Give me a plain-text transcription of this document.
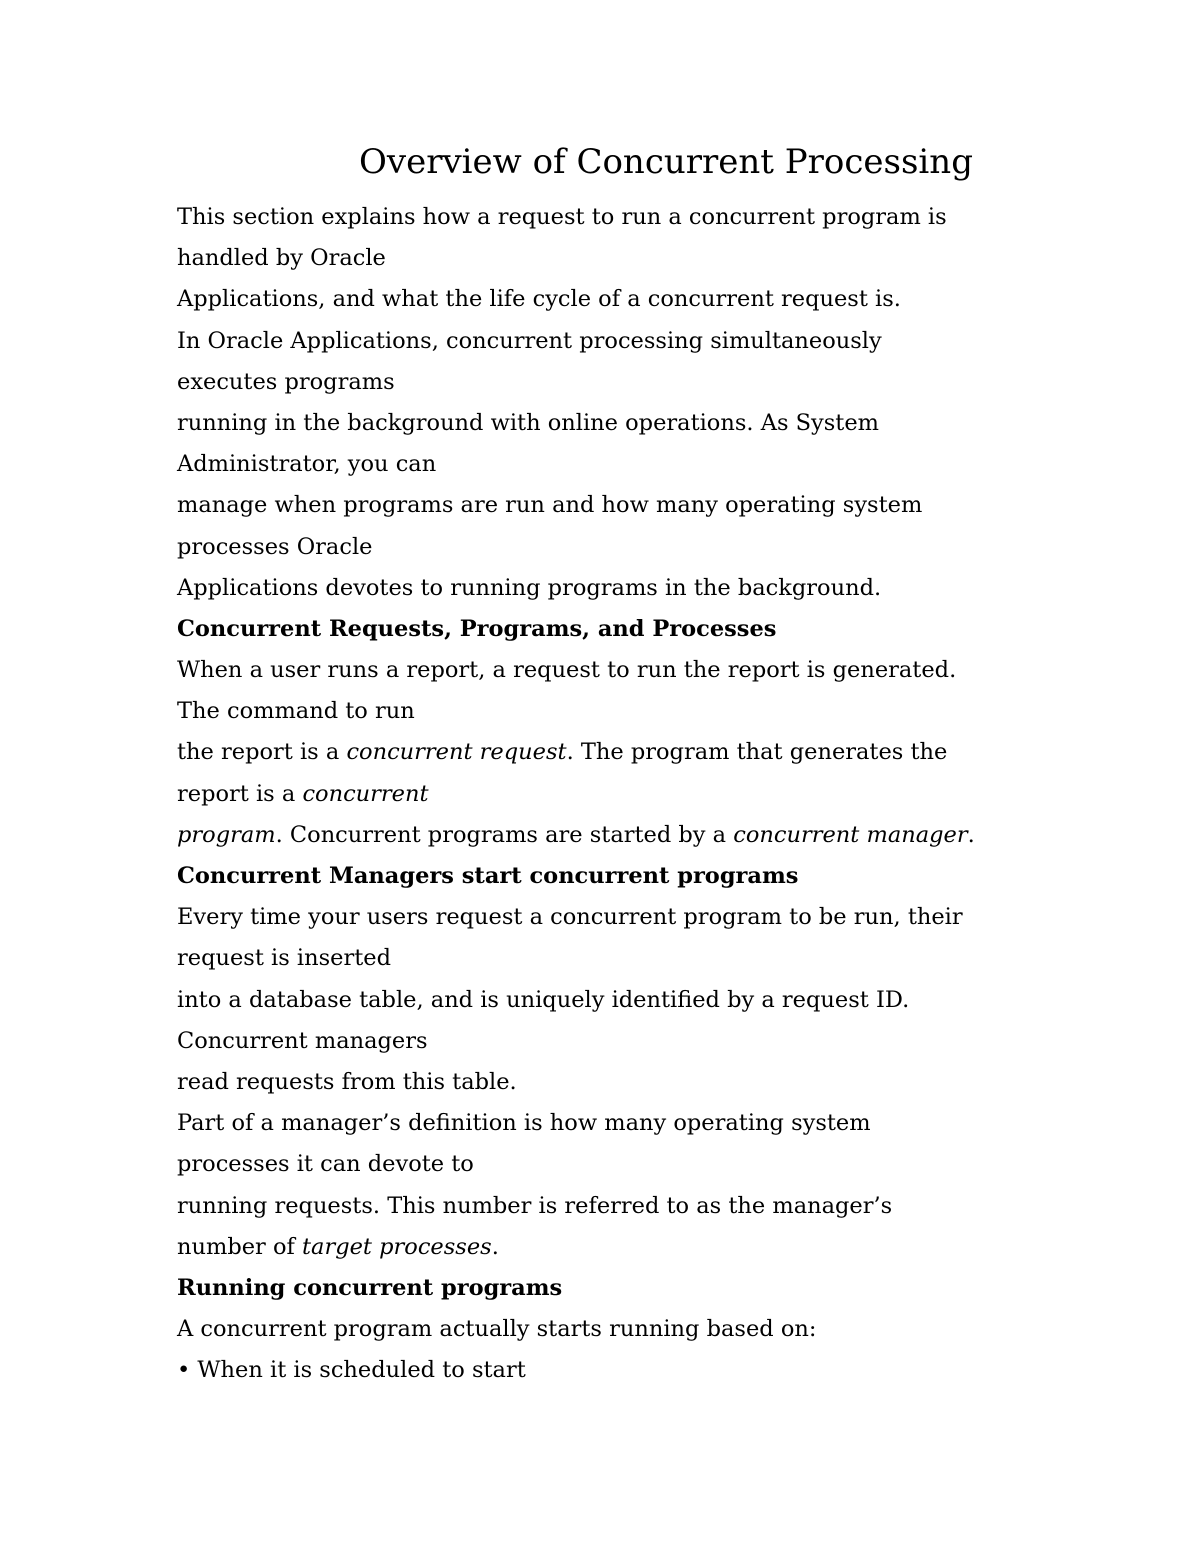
Overview of Concurrent Processing
This section explains how a request to run a concurrent program is
handled by Oracle
Applications, and what the life cycle of a concurrent request is.
In Oracle Applications, concurrent processing simultaneously
executes programs
running in the background with online operations. As System
Administrator, you can
manage when programs are run and how many operating system
processes Oracle
Applications devotes to running programs in the background.
Concurrent Requests, Programs, and Processes
When a user runs a report, a request to run the report is generated.
The command to run
the report is a concurrent request. The program that generates the
report is a concurrent
program. Concurrent programs are started by a concurrent manager.
Concurrent Managers start concurrent programs
Every time your users request a concurrent program to be run, their
request is inserted
into a database table, and is uniquely identified by a request ID.
Concurrent managers
read requests from this table.
Part of a manager’s definition is how many operating system
processes it can devote to
running requests. This number is referred to as the manager’s
number of target processes.
Running concurrent programs
A concurrent program actually starts running based on:
• When it is scheduled to start
